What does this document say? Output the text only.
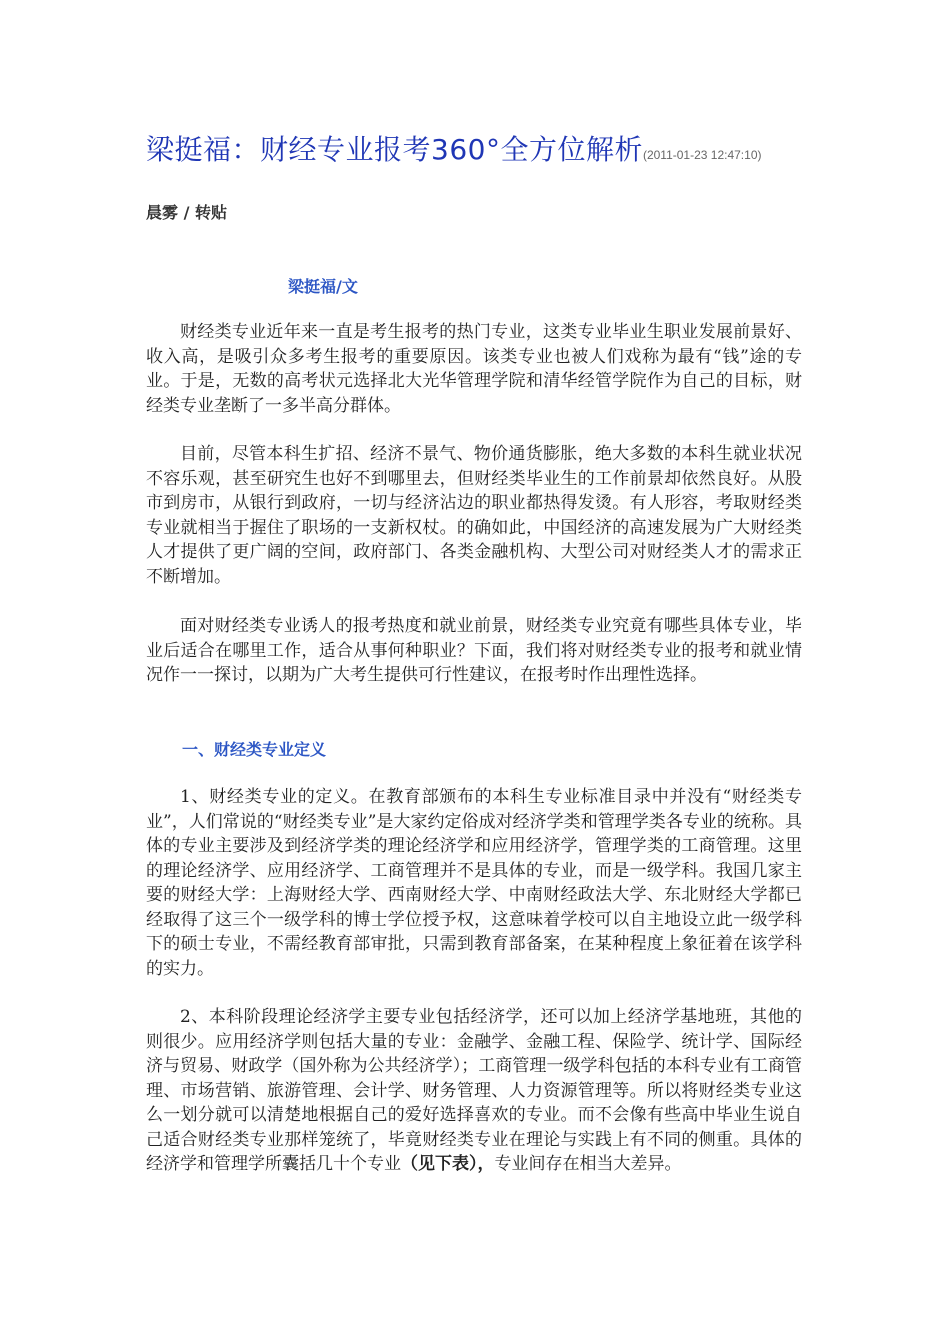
梁挺福：财经专业报考360°全方位解析(2011-01-23 12:47:10)
晨雾 / 转贴
梁挺福/文

财经类专业近年来一直是考生报考的热门专业，这类专业毕业生职业发展前景好、收入高，是吸引众多考生报考的重要原因。该类专业也被人们戏称为最有“钱”途的专业。于是，无数的高考状元选择北大光华管理学院和清华经管学院作为自己的目标，财经类专业垄断了一多半高分群体。

目前，尽管本科生扩招、经济不景气、物价通货膨胀，绝大多数的本科生就业状况不容乐观，甚至研究生也好不到哪里去，但财经类毕业生的工作前景却依然良好。从股市到房市，从银行到政府，一切与经济沾边的职业都热得发烫。有人形容，考取财经类专业就相当于握住了职场的一支新权杖。的确如此，中国经济的高速发展为广大财经类人才提供了更广阔的空间，政府部门、各类金融机构、大型公司对财经类人才的需求正不断增加。

面对财经类专业诱人的报考热度和就业前景，财经类专业究竟有哪些具体专业，毕业后适合在哪里工作，适合从事何种职业？下面，我们将对财经类专业的报考和就业情况作一一探讨，以期为广大考生提供可行性建议，在报考时作出理性选择。

一、财经类专业定义

1、财经类专业的定义。在教育部颁布的本科生专业标准目录中并没有“财经类专业”，人们常说的“财经类专业”是大家约定俗成对经济学类和管理学类各专业的统称。具体的专业主要涉及到经济学类的理论经济学和应用经济学，管理学类的工商管理。这里的理论经济学、应用经济学、工商管理并不是具体的专业，而是一级学科。我国几家主要的财经大学：上海财经大学、西南财经大学、中南财经政法大学、东北财经大学都已经取得了这三个一级学科的博士学位授予权，这意味着学校可以自主地设立此一级学科下的硕士专业，不需经教育部审批，只需到教育部备案，在某种程度上象征着在该学科的实力。

2、本科阶段理论经济学主要专业包括经济学，还可以加上经济学基地班，其他的则很少。应用经济学则包括大量的专业：金融学、金融工程、保险学、统计学、国际经济与贸易、财政学（国外称为公共经济学）；工商管理一级学科包括的本科专业有工商管理、市场营销、旅游管理、会计学、财务管理、人力资源管理等。所以将财经类专业这么一划分就可以清楚地根据自己的爱好选择喜欢的专业。而不会像有些高中毕业生说自己适合财经类专业那样笼统了，毕竟财经类专业在理论与实践上有不同的侧重。具体的经济学和管理学所囊括几十个专业（见下表），专业间存在相当大差异。
